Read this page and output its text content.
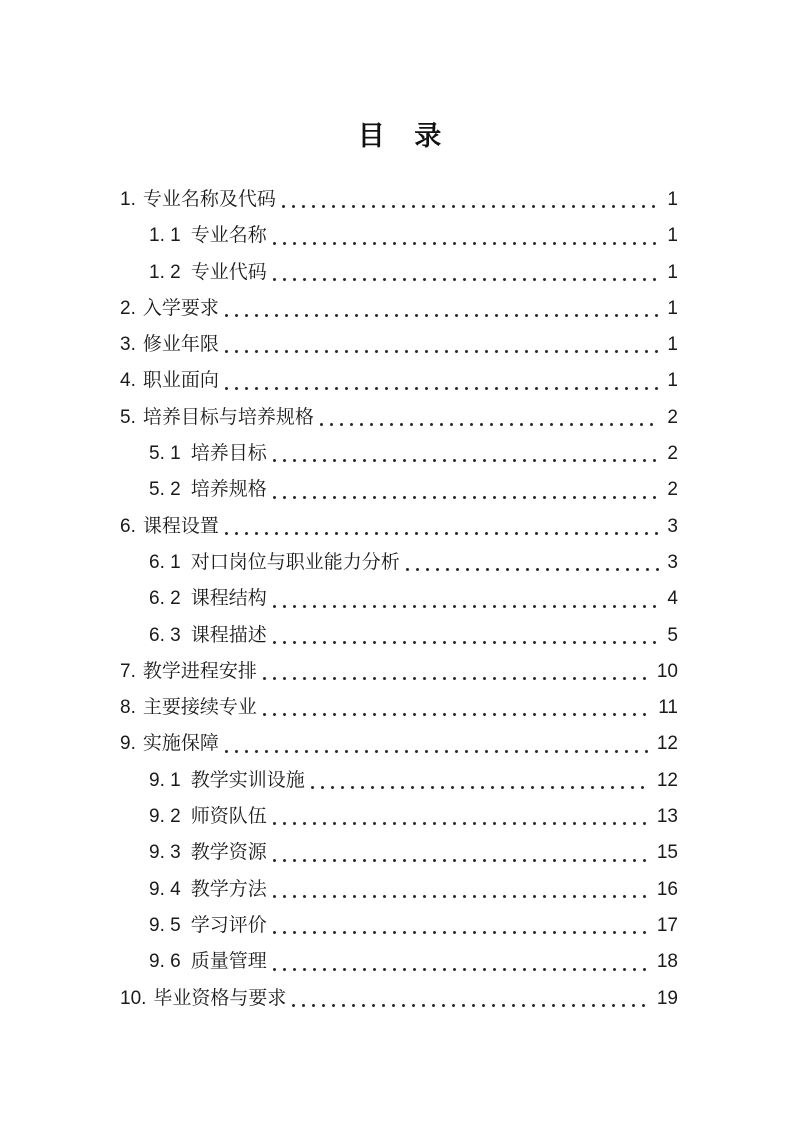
目 录
1. 专业名称及代码	1
1. 1 专业名称	1
1. 2 专业代码	1
2. 入学要求	1
3. 修业年限	1
4. 职业面向	1
5. 培养目标与培养规格	2
5. 1 培养目标	2
5. 2 培养规格	2
6. 课程设置	3
6. 1 对口岗位与职业能力分析	3
6. 2 课程结构	4
6. 3 课程描述	5
7. 教学进程安排	10
8. 主要接续专业	11
9. 实施保障	12
9. 1 教学实训设施	12
9. 2 师资队伍	13
9. 3 教学资源	15
9. 4 教学方法	16
9. 5 学习评价	17
9. 6 质量管理	18
10. 毕业资格与要求	19
